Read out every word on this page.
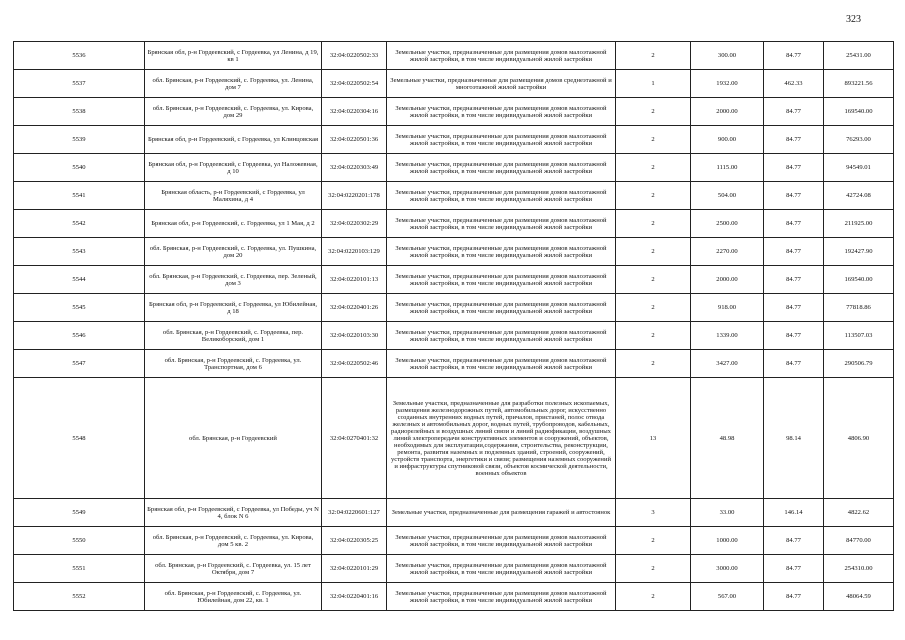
323
5536	Брянская обл, р-н Гордеевский, с Гордеевка, ул Ленина, д 19, кв 1	32:04:0220502:33	Земельные участки, предназначенные для размещения домов малоэтажной жилой застройки, в том числе индивидуальной жилой застройки	2	300.00	84.77	25431.00
5537	обл. Брянская, р-н Гордеевский, с. Гордеевка, ул. Ленина, дом 7	32:04:0220502:54	Земельные участки, предназначенные для размещения домов среднеэтажной и многоэтажной жилой застройки	1	1932.00	462.33	893221.56
5538	обл. Брянская, р-н Гордеевский, с. Гордеевка, ул. Кирова, дом 29	32:04:0220304:16	Земельные участки, предназначенные для размещения домов малоэтажной жилой застройки, в том числе индивидуальной жилой застройки	2	2000.00	84.77	169540.00
5539	Брянская обл, р-н Гордеевский, с Гордеевка, ул Клинцовская	32:04:0220501:36	Земельные участки, предназначенные для размещения домов малоэтажной жилой застройки, в том числе индивидуальной жилой застройки	2	900.00	84.77	76293.00
5540	Брянская обл, р-н Гордеевский, с Гордеевка, ул Наложевная, д 10	32:04:0220303:49	Земельные участки, предназначенные для размещения домов малоэтажной жилой застройки, в том числе индивидуальной жилой застройки	2	1115.00	84.77	94549.01
5541	Брянская область, р-н Гордеевский, с Гордеевка, ул Маляхина, д 4	32:04:0220201:178	Земельные участки, предназначенные для размещения домов малоэтажной жилой застройки, в том числе индивидуальной жилой застройки	2	504.00	84.77	42724.08
5542	Брянская обл, р-н Гордеевский, с. Гордеевка, ул 1 Мая, д 2	32:04:0220302:29	Земельные участки, предназначенные для размещения домов малоэтажной жилой застройки, в том числе индивидуальной жилой застройки	2	2500.00	84.77	211925.00
5543	обл. Брянская, р-н Гордеевский, с. Гордеевка, ул. Пушкина, дом 20	32:04:0220103:129	Земельные участки, предназначенные для размещения домов малоэтажной жилой застройки, в том числе индивидуальной жилой застройки	2	2270.00	84.77	192427.90
5544	обл. Брянская, р-н Гордеевский, с. Гордеевка, пер. Зеленый, дом 3	32:04:0220101:13	Земельные участки, предназначенные для размещения домов малоэтажной жилой застройки, в том числе индивидуальной жилой застройки	2	2000.00	84.77	169540.00
5545	Брянская обл, р-н Гордеевский, с Гордеевка, ул Юбилейная, д 18	32:04:0220401:26	Земельные участки, предназначенные для размещения домов малоэтажной жилой застройки, в том числе индивидуальной жилой застройки	2	918.00	84.77	77818.86
5546	обл. Брянская, р-н Гордеевский, с. Гордеевка, пер. Великоборский, дом 1	32:04:0220103:30	Земельные участки, предназначенные для размещения домов малоэтажной жилой застройки, в том числе индивидуальной жилой застройки	2	1339.00	84.77	113507.03
5547	обл. Брянская, р-н Гордеевский, с. Гордеевка, ул. Транспортная, дом 6	32:04:0220502:46	Земельные участки, предназначенные для размещения домов малоэтажной жилой застройки, в том числе индивидуальной жилой застройки	2	3427.00	84.77	290506.79
5548	обл. Брянская, р-н Гордеевский	32:04:0270401:32	Земельные участки, предназначенные для разработки полезных ископаемых, размещения железнодорожных путей, автомобильных дорог, искусственно созданных внутренних водных путей, причалов, пристаней, полос отвода железных и автомобильных дорог, водных путей, трубопроводов, кабельных, радиорелейных и воздушных линий связи и линий радиофикации, воздушных линий электропередачи конструктивных элементов и сооружений, объектов, необходимых для эксплуатации,содержания, строительства, реконструкции, ремонта, развития наземных и подземных зданий, строений, сооружений, устройств транспорта, энергетики и связи; размещения наземных сооружений и инфраструктуры спутниковой связи, объектов космической деятельности, военных объектов	13	48.98	98.14	4806.90
5549	Брянская обл, р-н Гордеевский, с Гордеевка, ул Победы, уч N 4, блок N 6	32:04:0220601:127	Земельные участки, предназначенные для размещения гаражей и автостоянок	3	33.00	146.14	4822.62
5550	обл. Брянская, р-н Гордеевский, с. Гордеевка, ул. Кирова, дом 5 кв. 2	32:04:0220305:25	Земельные участки, предназначенные для размещения домов малоэтажной жилой застройки, в том числе индивидуальной жилой застройки	2	1000.00	84.77	84770.00
5551	обл. Брянская, р-н Гордеевский, с. Гордеевка, ул. 15 лет Октября, дом 7	32:04:0220101:29	Земельные участки, предназначенные для размещения домов малоэтажной жилой застройки, в том числе индивидуальной жилой застройки	2	3000.00	84.77	254310.00
5552	обл. Брянская, р-н Гордеевский, с. Гордеевка, ул. Юбилейная, дом 22, кв. 1	32:04:0220401:16	Земельные участки, предназначенные для размещения домов малоэтажной жилой застройки, в том числе индивидуальной жилой застройки	2	567.00	84.77	48064.59
